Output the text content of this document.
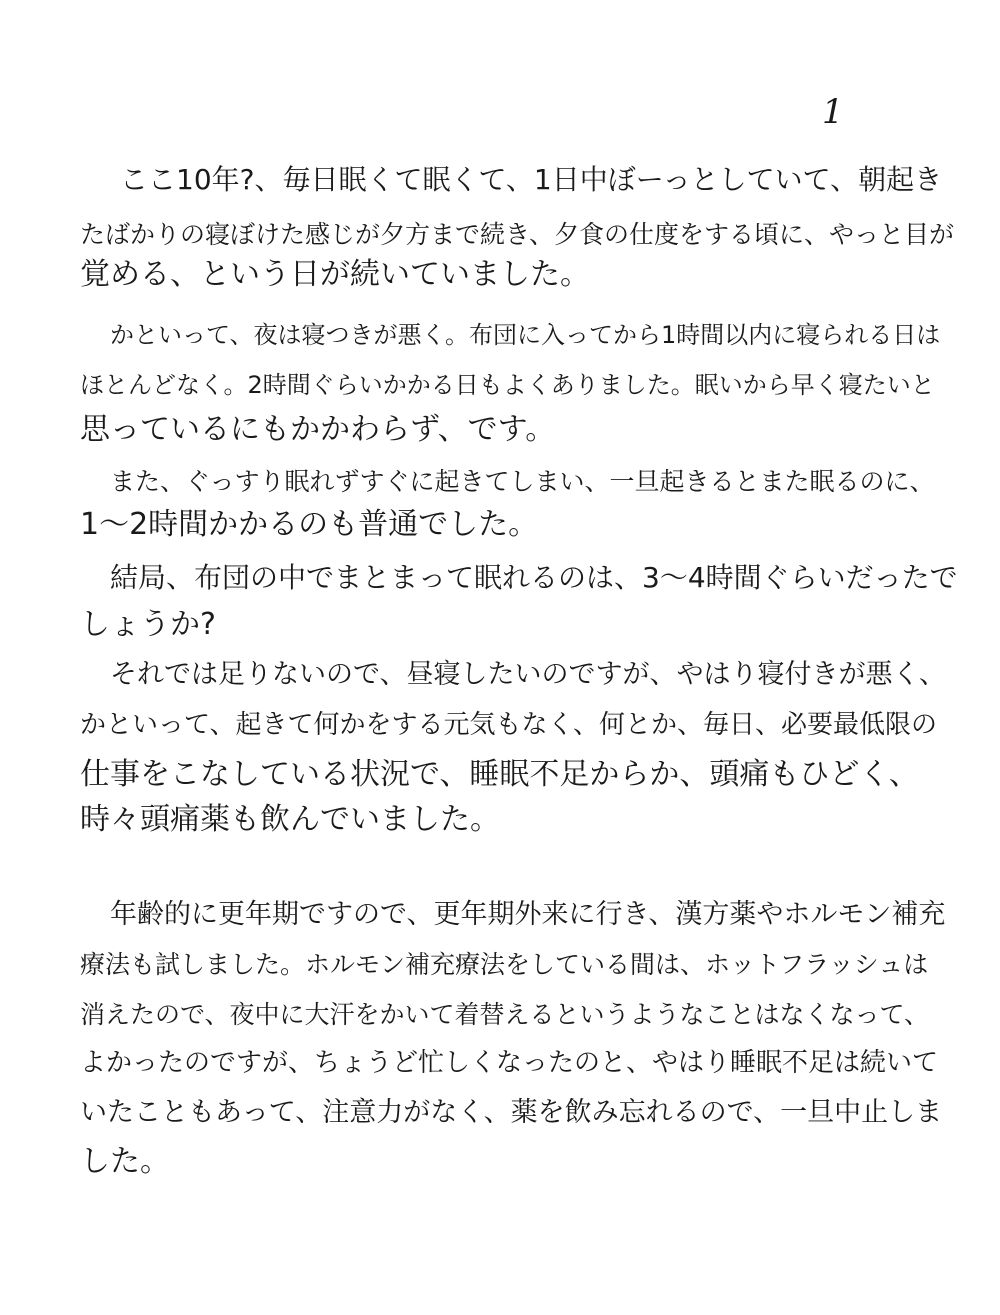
1
ここ10年?、毎日眠くて眠くて、1日中ぼーっとしていて、朝起き
たばかりの寝ぼけた感じが夕方まで続き、夕食の仕度をする頃に、やっと目が
覚める、という日が続いていました。
かといって、夜は寝つきが悪く。布団に入ってから1時間以内に寝られる日は
ほとんどなく。2時間ぐらいかかる日もよくありました。眠いから早く寝たいと
思っているにもかかわらず、です。
また、ぐっすり眠れずすぐに起きてしまい、一旦起きるとまた眠るのに、
1〜2時間かかるのも普通でした。
結局、布団の中でまとまって眠れるのは、3〜4時間ぐらいだったで
しょうか?
それでは足りないので、昼寝したいのですが、やはり寝付きが悪く、
かといって、起きて何かをする元気もなく、何とか、毎日、必要最低限の
仕事をこなしている状況で、睡眠不足からか、頭痛もひどく、
時々頭痛薬も飲んでいました。
年齢的に更年期ですので、更年期外来に行き、漢方薬やホルモン補充
療法も試しました。ホルモン補充療法をしている間は、ホットフラッシュは
消えたので、夜中に大汗をかいて着替えるというようなことはなくなって、
よかったのですが、ちょうど忙しくなったのと、やはり睡眠不足は続いて
いたこともあって、注意力がなく、薬を飲み忘れるので、一旦中止しま
した。
